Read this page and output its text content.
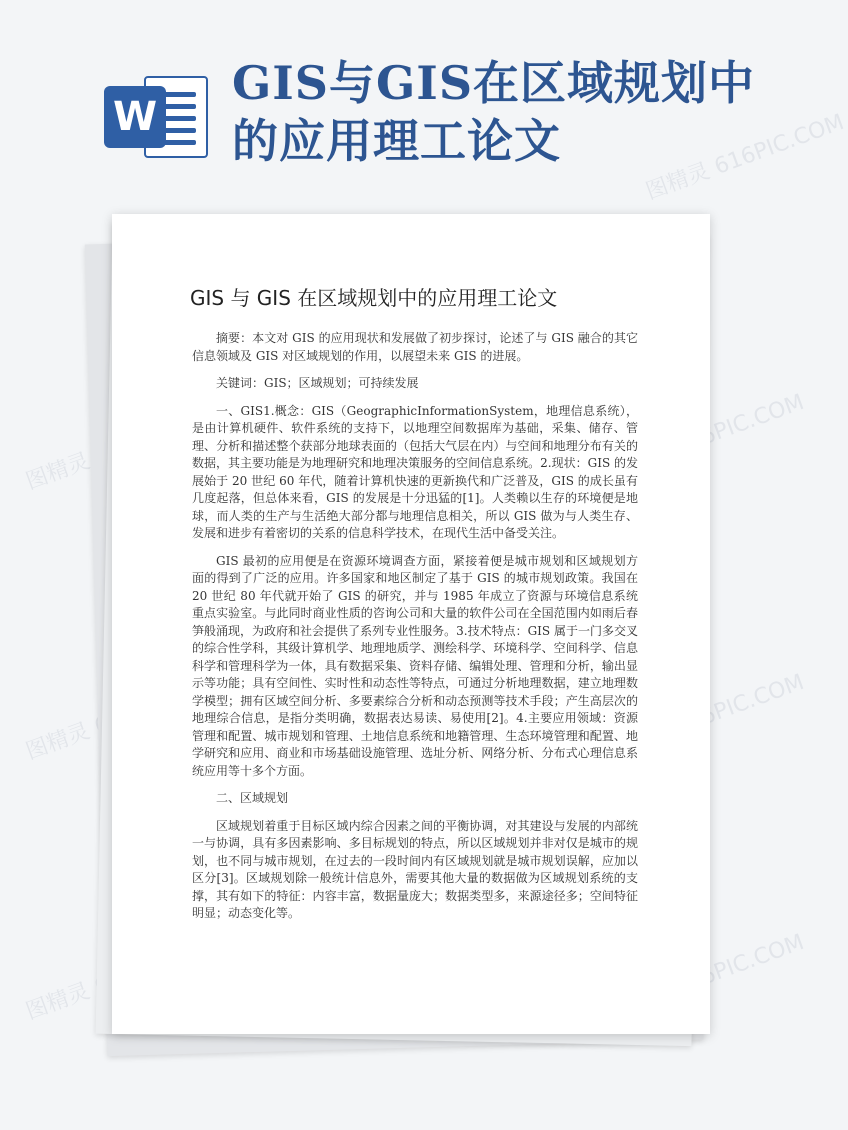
图精灵 616PIC.COM
图精灵
616PIC.COM
图精灵
616PIC.COM
图精灵
616PIC.COM
W
GIS与GIS在区域规划中的应用理工论文
GIS 与 GIS 在区域规划中的应用理工论文

摘要：本文对 GIS 的应用现状和发展做了初步探讨，论述了与 GIS 融合的其它信息领域及 GIS 对区域规划的作用，以展望未来 GIS 的进展。

关键词：GIS；区域规划；可持续发展

一、GIS1.概念：GIS（GeographicInformationSystem，地理信息系统），是由计算机硬件、软件系统的支持下，以地理空间数据库为基础，采集、储存、管理、分析和描述整个获部分地球表面的（包括大气层在内）与空间和地理分布有关的数据，其主要功能是为地理研究和地理决策服务的空间信息系统。2.现状：GIS 的发展始于 20 世纪 60 年代，随着计算机快速的更新换代和广泛普及，GIS 的成长虽有几度起落，但总体来看，GIS 的发展是十分迅猛的[1]。人类赖以生存的环境便是地球，而人类的生产与生活绝大部分都与地理信息相关，所以 GIS 做为与人类生存、发展和进步有着密切的关系的信息科学技术，在现代生活中备受关注。

GIS 最初的应用便是在资源环境调查方面，紧接着便是城市规划和区域规划方面的得到了广泛的应用。许多国家和地区制定了基于 GIS 的城市规划政策。我国在 20 世纪 80 年代就开始了 GIS 的研究，并与 1985 年成立了资源与环境信息系统重点实验室。与此同时商业性质的咨询公司和大量的软件公司在全国范围内如雨后春笋般涌现，为政府和社会提供了系列专业性服务。3.技术特点：GIS 属于一门多交叉的综合性学科，其级计算机学、地理地质学、测绘科学、环境科学、空间科学、信息科学和管理科学为一体，具有数据采集、资料存储、编辑处理、管理和分析，输出显示等功能；具有空间性、实时性和动态性等特点，可通过分析地理数据，建立地理数学模型；拥有区域空间分析、多要素综合分析和动态预测等技术手段；产生高层次的地理综合信息，是指分类明确，数据表达易读、易使用[2]。4.主要应用领域：资源管理和配置、城市规划和管理、土地信息系统和地籍管理、生态环境管理和配置、地学研究和应用、商业和市场基础设施管理、选址分析、网络分析、分布式心理信息系统应用等十多个方面。

二、区域规划

区域规划着重于目标区域内综合因素之间的平衡协调，对其建设与发展的内部统一与协调，具有多因素影响、多目标规划的特点，所以区域规划并非对仅是城市的规划，也不同与城市规划，在过去的一段时间内有区域规划就是城市规划误解，应加以区分[3]。区域规划除一般统计信息外，需要其他大量的数据做为区域规划系统的支撑，其有如下的特征：内容丰富，数据量庞大；数据类型多，来源途径多；空间特征明显；动态变化等。
